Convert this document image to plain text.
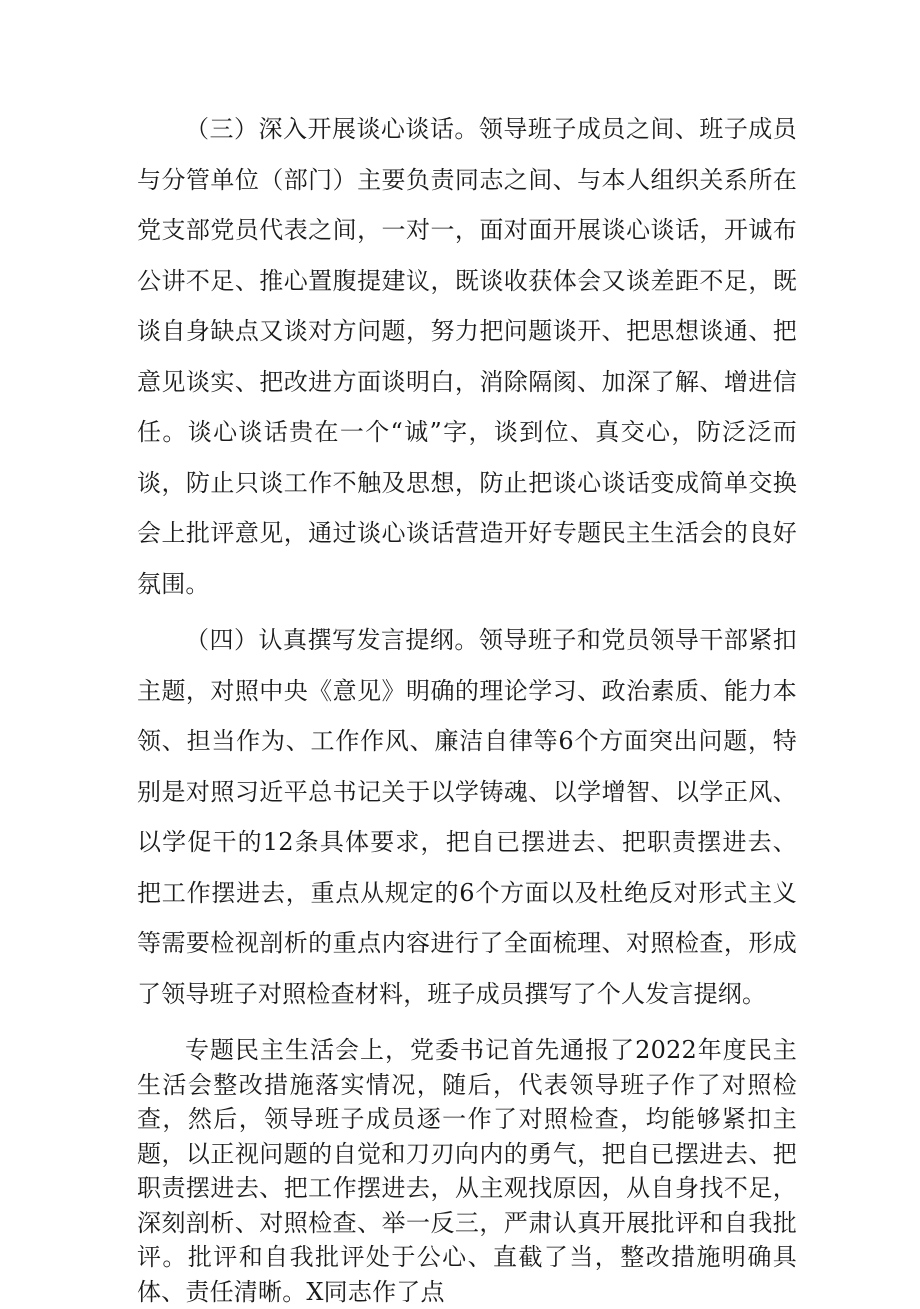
（三）深入开展谈心谈话。领导班子成员之间、班子成员与分管单位（部门）主要负责同志之间、与本人组织关系所在党支部党员代表之间，一对一，面对面开展谈心谈话，开诚布公讲不足、推心置腹提建议，既谈收获体会又谈差距不足，既谈自身缺点又谈对方问题，努力把问题谈开、把思想谈通、把意见谈实、把改进方面谈明白，消除隔阂、加深了解、增进信任。谈心谈话贵在一个“诚”字，谈到位、真交心，防泛泛而谈，防止只谈工作不触及思想，防止把谈心谈话变成简单交换会上批评意见，通过谈心谈话营造开好专题民主生活会的良好氛围。

（四）认真撰写发言提纲。领导班子和党员领导干部紧扣主题，对照中央《意见》明确的理论学习、政治素质、能力本领、担当作为、工作作风、廉洁自律等6个方面突出问题，特别是对照习近平总书记关于以学铸魂、以学增智、以学正风、以学促干的12条具体要求，把自已摆进去、把职责摆进去、把工作摆进去，重点从规定的6个方面以及杜绝反对形式主义等需要检视剖析的重点内容进行了全面梳理、对照检查，形成了领导班子对照检查材料，班子成员撰写了个人发言提纲。

专题民主生活会上，党委书记首先通报了2022年度民主生活会整改措施落实情况，随后，代表领导班子作了对照检查，然后，领导班子成员逐一作了对照检查，均能够紧扣主题，以正视问题的自觉和刀刃向内的勇气，把自已摆进去、把职责摆进去、把工作摆进去，从主观找原因，从自身找不足，深刻剖析、对照检查、举一反三，严肃认真开展批评和自我批评。批评和自我批评处于公心、直截了当，整改措施明确具体、责任清晰。X同志作了点
